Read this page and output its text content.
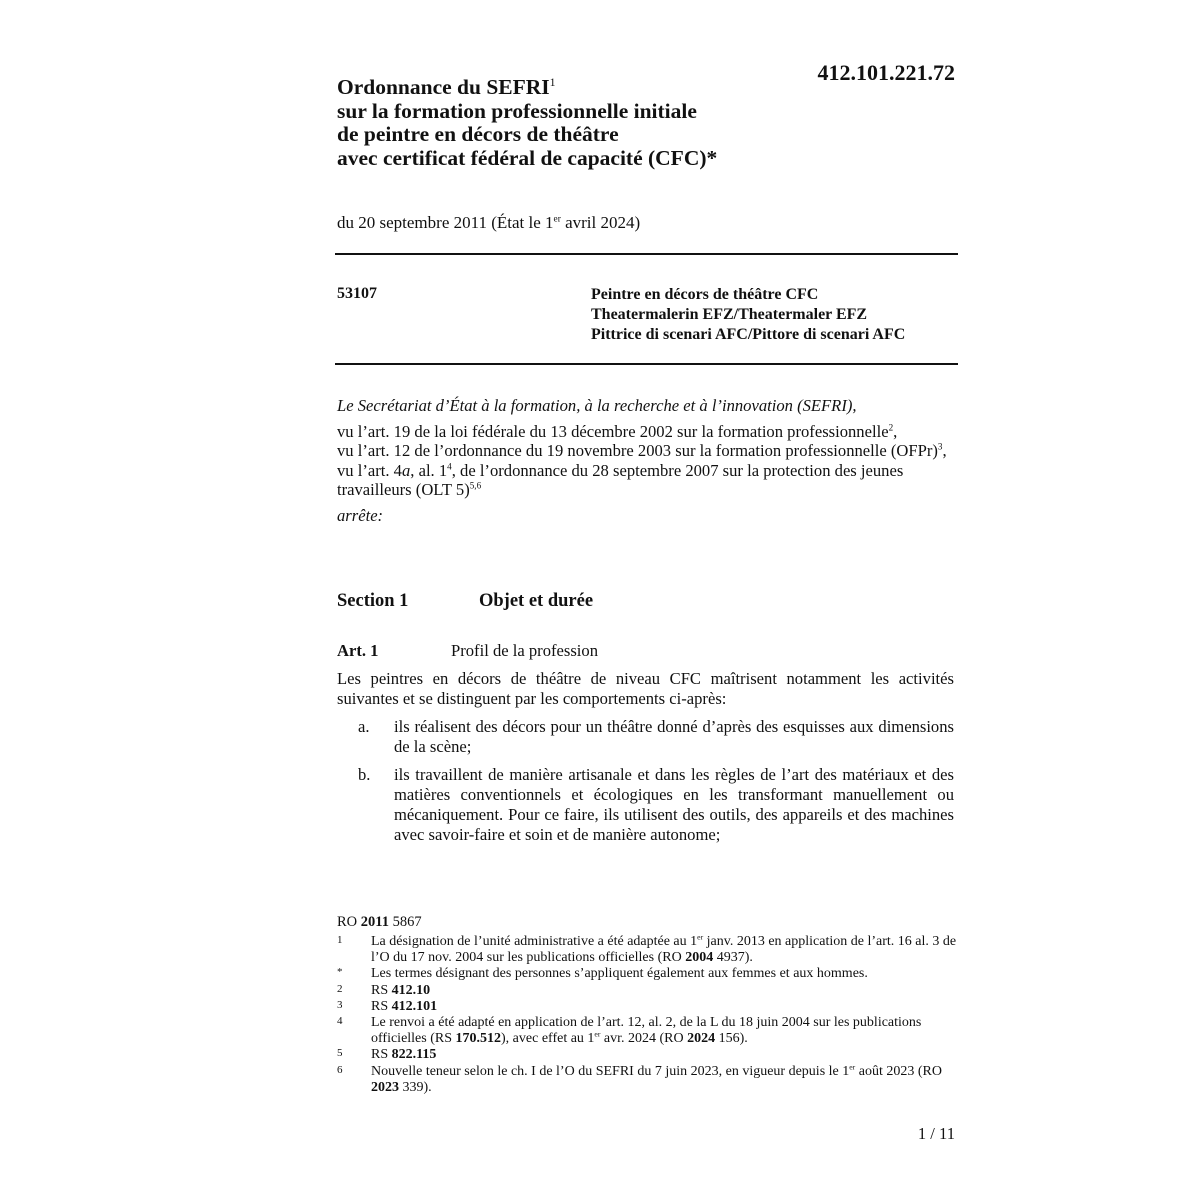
412.101.221.72
Ordonnance du SEFRI$^1$
sur la formation professionnelle initiale
de peintre en décors de théâtre
avec certificat fédéral de capacité (CFC)*
du 20 septembre 2011 (État le 1er avril 2024)
53107	Peintre en décors de théâtre CFC
Theatermalerin EFZ/Theatermaler EFZ
Pittrice di scenari AFC/Pittore di scenari AFC
Le Secrétariat d’État à la formation, à la recherche et à l’innovation (SEFRI),
vu l’art. 19 de la loi fédérale du 13 décembre 2002 sur la formation professionnelle$^2$,
vu l’art. 12 de l’ordonnance du 19 novembre 2003 sur la formation professionnelle (OFPr)$^3$,
vu l’art. 4a, al. $1^4$, de l’ordonnance du 28 septembre 2007 sur la protection des jeunes travailleurs (OLT 5)$^{5,6}$
arrête:
Section 1	Objet et durée
Art. 1	Profil de la profession
Les peintres en décors de théâtre de niveau CFC maîtrisent notamment les activités suivantes et se distinguent par les comportements ci-après:
a. ils réalisent des décors pour un théâtre donné d’après des esquisses aux dimensions de la scène;
b. ils travaillent de manière artisanale et dans les règles de l’art des matériaux et des matières conventionnels et écologiques en les transformant manuellement ou mécaniquement. Pour ce faire, ils utilisent des outils, des appareils et des machines avec savoir-faire et soin et de manière autonome;
RO 2011 5867
1 La désignation de l’unité administrative a été adaptée au 1er janv. 2013 en application de l’art. 16 al. 3 de l’O du 17 nov. 2004 sur les publications officielles (RO 2004 4937).
* Les termes désignant des personnes s’appliquent également aux femmes et aux hommes.
2 RS 412.10
3 RS 412.101
4 Le renvoi a été adapté en application de l’art. 12, al. 2, de la L du 18 juin 2004 sur les publications officielles (RS 170.512), avec effet au 1er avr. 2024 (RO 2024 156).
5 RS 822.115
6 Nouvelle teneur selon le ch. I de l’O du SEFRI du 7 juin 2023, en vigueur depuis le 1er août 2023 (RO 2023 339).
1 / 11
